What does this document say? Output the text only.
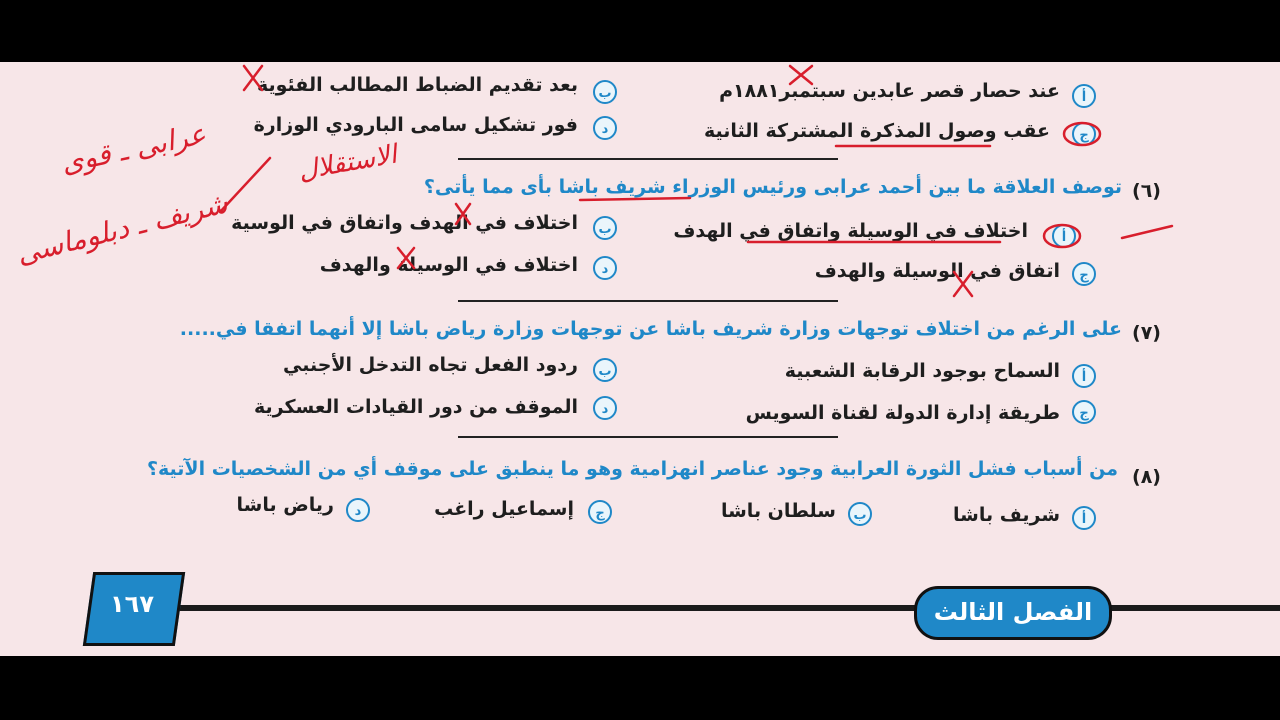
أ
عند حصار قصر عابدين سبتمبر١٨٨١م
ب
بعد تقديم الضباط المطالب الفئوية
ج
عقب وصول المذكرة المشتركة الثانية
د
فور تشكيل سامى البارودي الوزارة
(٦)
توصف العلاقة ما بين أحمد عرابى ورئيس الوزراء شريف باشا بأى مما يأتى؟
أ
اختلاف في الوسيلة واتفاق في الهدف
ب
اختلاف في الهدف واتفاق في الوسية
ج
اتفاق في الوسيلة والهدف
د
اختلاف في الوسيلة والهدف
(٧)
على الرغم من اختلاف توجهات وزارة شريف باشا عن توجهات وزارة رياض باشا إلا أنهما اتفقا في.....
أ
السماح بوجود الرقابة الشعبية
ب
ردود الفعل تجاه التدخل الأجنبي
ج
طريقة إدارة الدولة لقناة السويس
د
الموقف من دور القيادات العسكرية
(٨)
من أسباب فشل الثورة العرابية وجود عناصر انهزامية وهو ما ينطبق على موقف أي من الشخصيات الآتية؟
أ
شريف باشا
ب
سلطان باشا
ج
إسماعيل راغب
د
رياض باشا
عرابى ـ قوى	الاستقلال
شريف ـ دبلوماسى
١٦٧	الفصل الثالث
